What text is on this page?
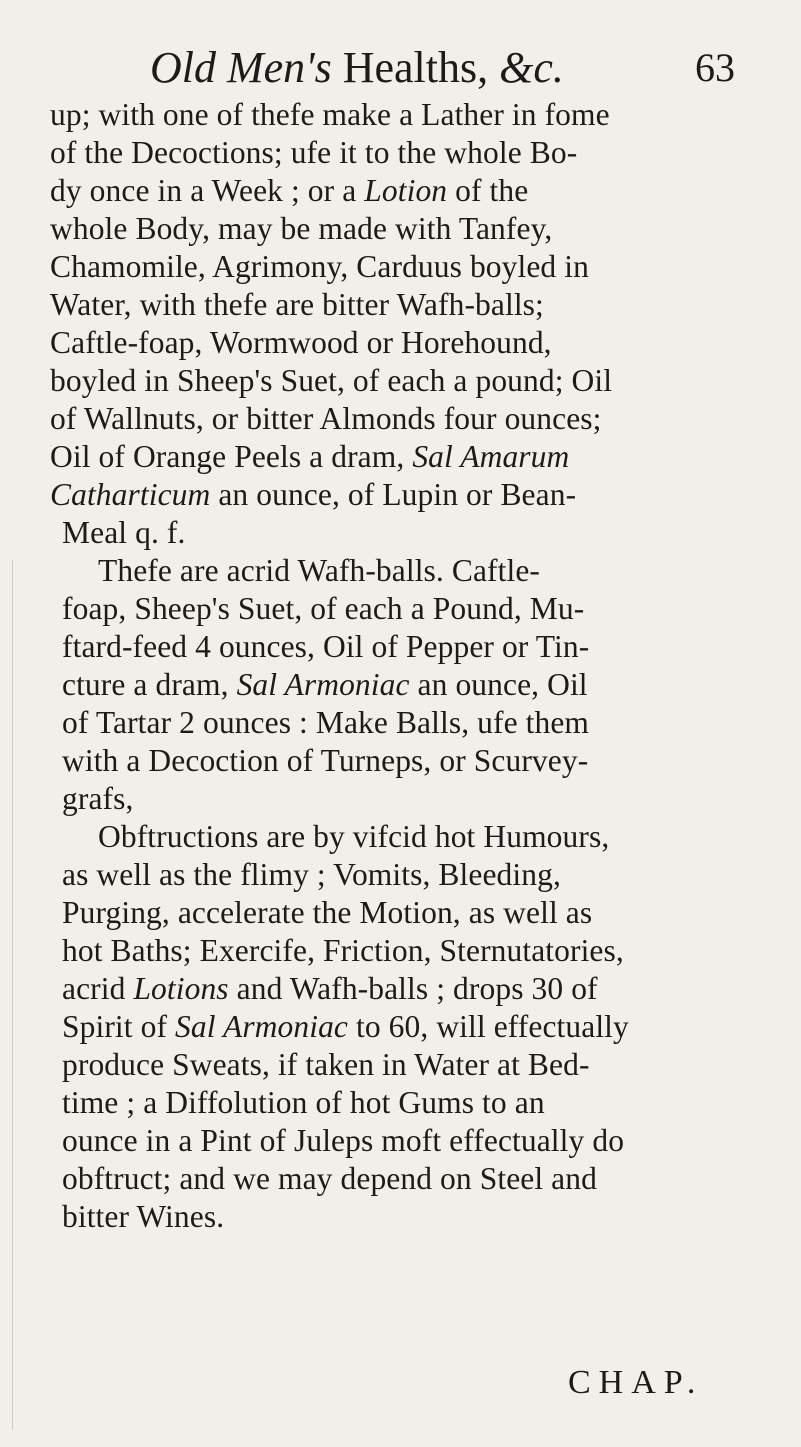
Old Men's Healths, &c.	63
up; with one of thefe make a Lather in fome
of the Decoctions; ufe it to the whole Bo-
dy once in a Week ; or a Lotion of the
whole Body, may be made with Tanfey,
Chamomile, Agrimony, Carduus boyled in
Water, with thefe are bitter Wafh-balls;
Caftle-foap, Wormwood or Horehound,
boyled in Sheep's Suet, of each a pound; Oil
of Wallnuts, or bitter Almonds four ounces;
Oil of Orange Peels a dram, Sal Amarum
Catharticum an ounce, of Lupin or Bean-
Meal q. f.
Thefe are acrid Wafh-balls. Caftle-
foap, Sheep's Suet, of each a Pound, Mu-
ftard-feed 4 ounces, Oil of Pepper or Tin-
cture a dram, Sal Armoniac an ounce, Oil
of Tartar 2 ounces : Make Balls, ufe them
with a Decoction of Turneps, or Scurvey-
grafs,
Obftructions are by vifcid hot Humours,
as well as the flimy ; Vomits, Bleeding,
Purging, accelerate the Motion, as well as
hot Baths; Exercife, Friction, Sternutatories,
acrid Lotions and Wafh-balls ; drops 30 of
Spirit of Sal Armoniac to 60, will effectually
produce Sweats, if taken in Water at Bed-
time ; a Diffolution of hot Gums to an
ounce in a Pint of Juleps moft effectually do
obftruct; and we may depend on Steel and
bitter Wines.
CHAP.
